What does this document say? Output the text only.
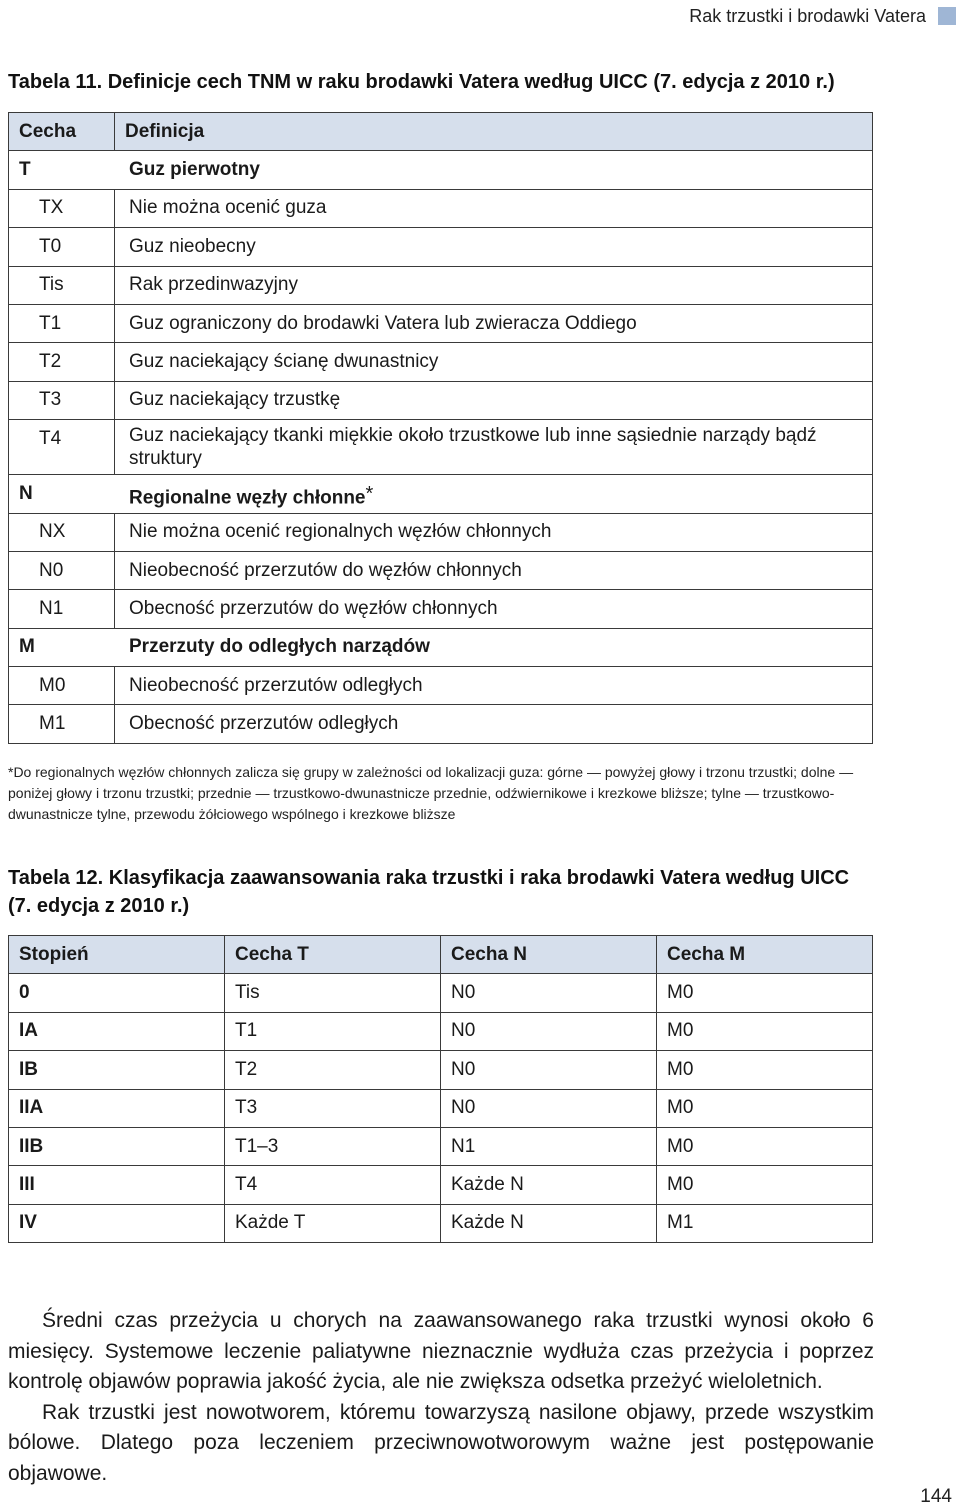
Rak trzustki i brodawki Vatera
Tabela 11. Definicje cech TNM w raku brodawki Vatera według UICC (7. edycja z 2010 r.)
Cecha	Definicja
T	Guz pierwotny
TX	Nie można ocenić guza
T0	Guz nieobecny
Tis	Rak przedinwazyjny
T1	Guz ograniczony do brodawki Vatera lub zwieracza Oddiego
T2	Guz naciekający ścianę dwunastnicy
T3	Guz naciekający trzustkę
T4	Guz naciekający tkanki miękkie około trzustkowe lub inne sąsiednie narządy bądź struktury
N	Regionalne węzły chłonne*
NX	Nie można ocenić regionalnych węzłów chłonnych
N0	Nieobecność przerzutów do węzłów chłonnych
N1	Obecność przerzutów do węzłów chłonnych
M	Przerzuty do odległych narządów
M0	Nieobecność przerzutów odległych
M1	Obecność przerzutów odległych
*Do regionalnych węzłów chłonnych zalicza się grupy w zależności od lokalizacji guza: górne — powyżej głowy i trzonu trzustki; dolne — poniżej głowy i trzonu trzustki; przednie — trzustkowo-dwunastnicze przednie, odźwiernikowe i krezkowe bliższe; tylne — trzustkowo-dwunastnicze tylne, przewodu żółciowego wspólnego i krezkowe bliższe
Tabela 12. Klasyfikacja zaawansowania raka trzustki i raka brodawki Vatera według UICC
(7. edycja z 2010 r.)
Stopień	Cecha T	Cecha N	Cecha M
0	Tis	N0	M0
IA	T1	N0	M0
IB	T2	N0	M0
IIA	T3	N0	M0
IIB	T1–3	N1	M0
III	T4	Każde N	M0
IV	Każde T	Każde N	M1

Średni czas przeżycia u chorych na zaawansowanego raka trzustki wynosi około 6 miesięcy. Systemowe leczenie paliatywne nieznacznie wydłuża czas przeżycia i poprzez kontrolę objawów poprawia jakość życia, ale nie zwiększa odsetka przeżyć wieloletnich.

Rak trzustki jest nowotworem, któremu towarzyszą nasilone objawy, przede wszystkim bólowe. Dlatego poza leczeniem przeciwnowotworowym ważne jest postępowanie objawowe.

144
